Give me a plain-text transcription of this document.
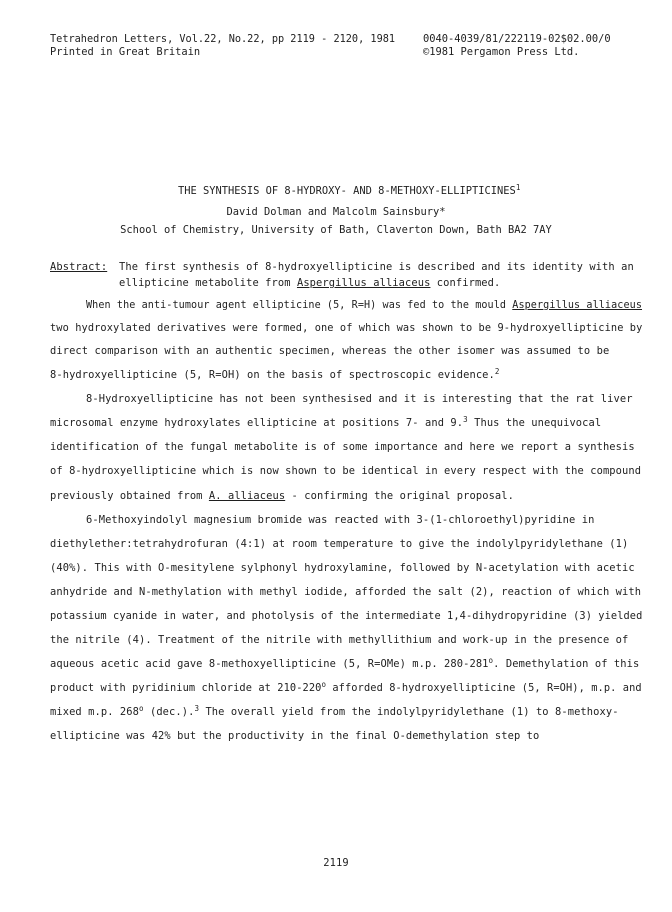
Tetrahedron Letters, Vol.22, No.22, pp 2119 - 2120, 1981
Printed in Great Britain
0040-4039/81/222119-02$02.00/0
©1981 Pergamon Press Ltd.
THE SYNTHESIS OF 8-HYDROXY- AND 8-METHOXY-ELLIPTICINES$^1$
David Dolman and Malcolm Sainsbury*
School of Chemistry, University of Bath, Claverton Down, Bath BA2 7AY
Abstract: The first synthesis of 8-hydroxyellipticine is described and its identity with an
ellipticine metabolite from Aspergillus alliaceus confirmed.
When the anti-tumour agent ellipticine (5, R=H) was fed to the mould Aspergillus alliaceus
two hydroxylated derivatives were formed, one of which was shown to be 9-hydroxyellipticine by
direct comparison with an authentic specimen, whereas the other isomer was assumed to be
8-hydroxyellipticine (5, R=OH) on the basis of spectroscopic evidence.$^2$
8-Hydroxyellipticine has not been synthesised and it is interesting that the rat liver
microsomal enzyme hydroxylates ellipticine at positions 7- and 9.$^3$ Thus the unequivocal
identification of the fungal metabolite is of some importance and here we report a synthesis
of 8-hydroxyellipticine which is now shown to be identical in every respect with the compound
previously obtained from A. alliaceus - confirming the original proposal.
6-Methoxyindolyl magnesium bromide was reacted with 3-(1-chloroethyl)pyridine in
diethylether:tetrahydrofuran (4:1) at room temperature to give the indolylpyridylethane (1)
(40%). This with O-mesitylene sylphonyl hydroxylamine, followed by N-acetylation with acetic
anhydride and N-methylation with methyl iodide, afforded the salt (2), reaction of which with
potassium cyanide in water, and photolysis of the intermediate 1,4-dihydropyridine (3) yielded
the nitrile (4). Treatment of the nitrile with methyllithium and work-up in the presence of
aqueous acetic acid gave 8-methoxyellipticine (5, R=OMe) m.p. 280-281$^o$. Demethylation of this
product with pyridinium chloride at 210-220$^o$ afforded 8-hydroxyellipticine (5, R=OH), m.p. and
mixed m.p. 268$^o$ (dec.).$^3$ The overall yield from the indolylpyridylethane (1) to 8-methoxy-
ellipticine was 42% but the productivity in the final O-demethylation step to
2119
